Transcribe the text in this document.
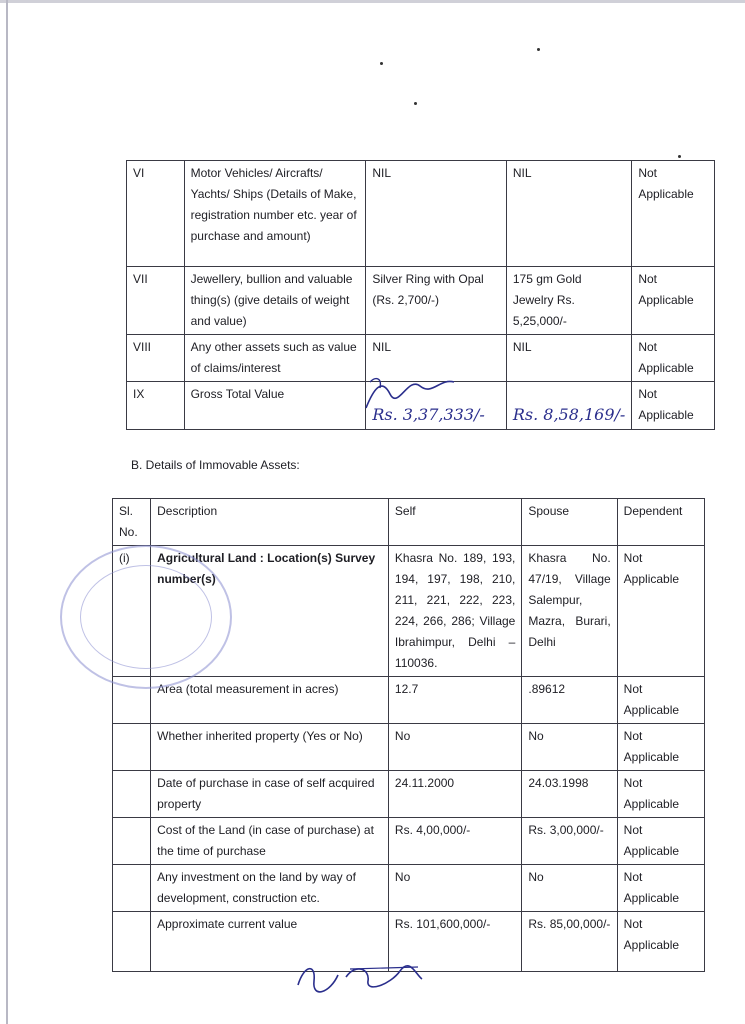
VI	Motor Vehicles/ Aircrafts/ Yachts/ Ships (Details of Make, registration number etc. year of purchase and amount)	NIL	NIL	Not Applicable
VII	Jewellery, bullion and valuable thing(s) (give details of weight and value)	Silver Ring with Opal (Rs. 2,700/-)	175 gm Gold Jewelry Rs. 5,25,000/-	Not Applicable
VIII	Any other assets such as value of claims/interest	NIL	NIL	Not Applicable
IX	Gross Total Value	Rs. 3,37,333/-	Rs. 8,58,169/-	Not Applicable
B. Details of Immovable Assets:
Sl. No.	Description	Self	Spouse	Dependent
(i)	Agricultural Land : Location(s) Survey number(s)	Khasra No. 189, 193, 194, 197, 198, 210, 211, 221, 222, 223, 224, 266, 286; Village Ibrahimpur, Delhi – 110036.	Khasra No. 47/19, Village Salempur, Mazra, Burari, Delhi	Not Applicable
	Area (total measurement in acres)	12.7	.89612	Not Applicable
	Whether inherited property (Yes or No)	No	No	Not Applicable
	Date of purchase in case of self acquired property	24.11.2000	24.03.1998	Not Applicable
	Cost of the Land (in case of purchase) at the time of purchase	Rs. 4,00,000/-	Rs. 3,00,000/-	Not Applicable
	Any investment on the land by way of development, construction etc.	No	No	Not Applicable
	Approximate current value	Rs. 101,600,000/-	Rs. 85,00,000/-	Not Applicable
